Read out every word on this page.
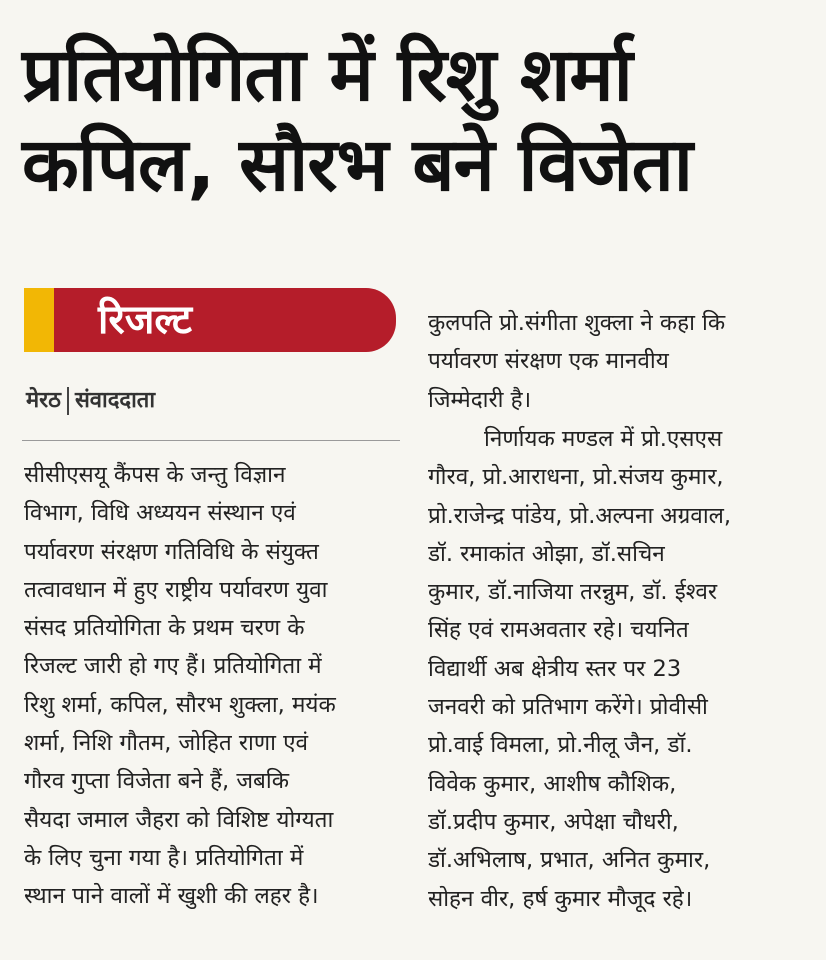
प्रतियोगिता में रिशु शर्मा
कपिल, सौरभ बने विजेता
रिजल्ट
मेरठ संवाददाता
सीसीएसयू कैंपस के जन्तु विज्ञान
विभाग, विधि अध्ययन संस्थान एवं
पर्यावरण संरक्षण गतिविधि के संयुक्त
तत्वावधान में हुए राष्ट्रीय पर्यावरण युवा
संसद प्रतियोगिता के प्रथम चरण के
रिजल्ट जारी हो गए हैं। प्रतियोगिता में
रिशु शर्मा, कपिल, सौरभ शुक्ला, मयंक
शर्मा, निशि गौतम, जोहित राणा एवं
गौरव गुप्ता विजेता बने हैं, जबकि
सैयदा जमाल जैहरा को विशिष्ट योग्यता
के लिए चुना गया है। प्रतियोगिता में
स्थान पाने वालों में खुशी की लहर है।
कुलपति प्रो.संगीता शुक्ला ने कहा कि
पर्यावरण संरक्षण एक मानवीय
जिम्मेदारी है।
निर्णायक मण्डल में प्रो.एसएस
गौरव, प्रो.आराधना, प्रो.संजय कुमार,
प्रो.राजेन्द्र पांडेय, प्रो.अल्पना अग्रवाल,
डॉ. रमाकांत ओझा, डॉ.सचिन
कुमार, डॉ.नाजिया तरन्नुम, डॉ. ईश्वर
सिंह एवं रामअवतार रहे। चयनित
विद्यार्थी अब क्षेत्रीय स्तर पर 23
जनवरी को प्रतिभाग करेंगे। प्रोवीसी
प्रो.वाई विमला, प्रो.नीलू जैन, डॉ.
विवेक कुमार, आशीष कौशिक,
डॉ.प्रदीप कुमार, अपेक्षा चौधरी,
डॉ.अभिलाष, प्रभात, अनित कुमार,
सोहन वीर, हर्ष कुमार मौजूद रहे।
